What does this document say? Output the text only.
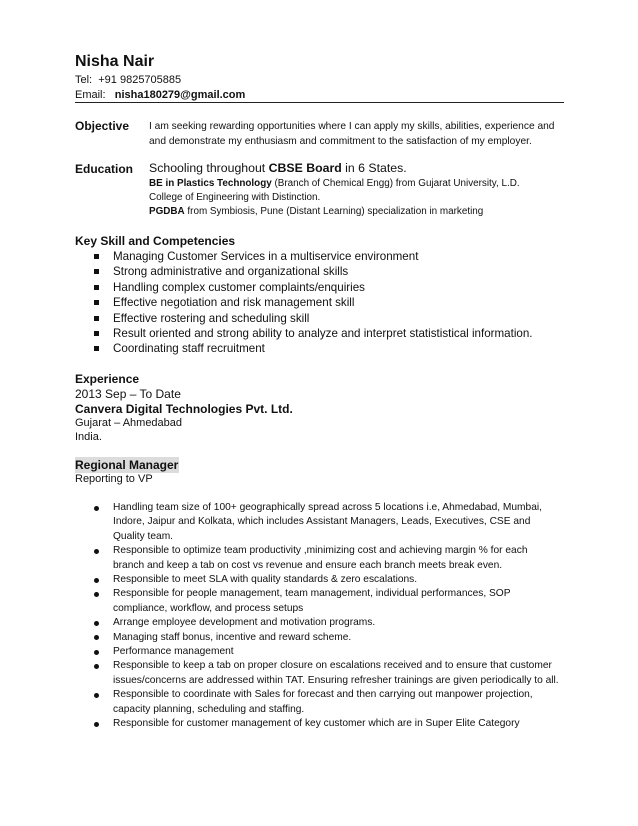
Nisha Nair
Tel: +91 9825705885
Email: nisha180279@gmail.com
Objective I am seeking rewarding opportunities where I can apply my skills, abilities, experience and and demonstrate my enthusiasm and commitment to the satisfaction of my employer.
Education Schooling throughout CBSE Board in 6 States.
BE in Plastics Technology (Branch of Chemical Engg) from Gujarat University, L.D. College of Engineering with Distinction.
PGDBA from Symbiosis, Pune (Distant Learning) specialization in marketing
Key Skill and Competencies
Managing Customer Services in a multiservice environment
Strong administrative and organizational skills
Handling complex customer complaints/enquiries
Effective negotiation and risk management skill
Effective rostering and scheduling skill
Result oriented and strong ability to analyze and interpret statististical information.
Coordinating staff recruitment
Experience
2013 Sep – To Date
Canvera Digital Technologies Pvt. Ltd.
Gujarat – Ahmedabad
India.
Regional Manager
Reporting to VP
Handling team size of 100+ geographically spread across 5 locations i.e, Ahmedabad, Mumbai, Indore, Jaipur and Kolkata, which includes Assistant Managers, Leads, Executives, CSE and Quality team.
Responsible to optimize team productivity ,minimizing cost and achieving margin % for each branch and keep a tab on cost vs revenue and ensure each branch meets break even.
Responsible to meet SLA with quality standards & zero escalations.
Responsible for people management, team management, individual performances, SOP compliance, workflow, and process setups
Arrange employee development and motivation programs.
Managing staff bonus, incentive and reward scheme.
Performance management
Responsible to keep a tab on proper closure on escalations received and to ensure that customer issues/concerns are addressed within TAT. Ensuring refresher trainings are given periodically to all.
Responsible to coordinate with Sales for forecast and then carrying out manpower projection, capacity planning, scheduling and staffing.
Responsible for customer management of key customer which are in Super Elite Category
